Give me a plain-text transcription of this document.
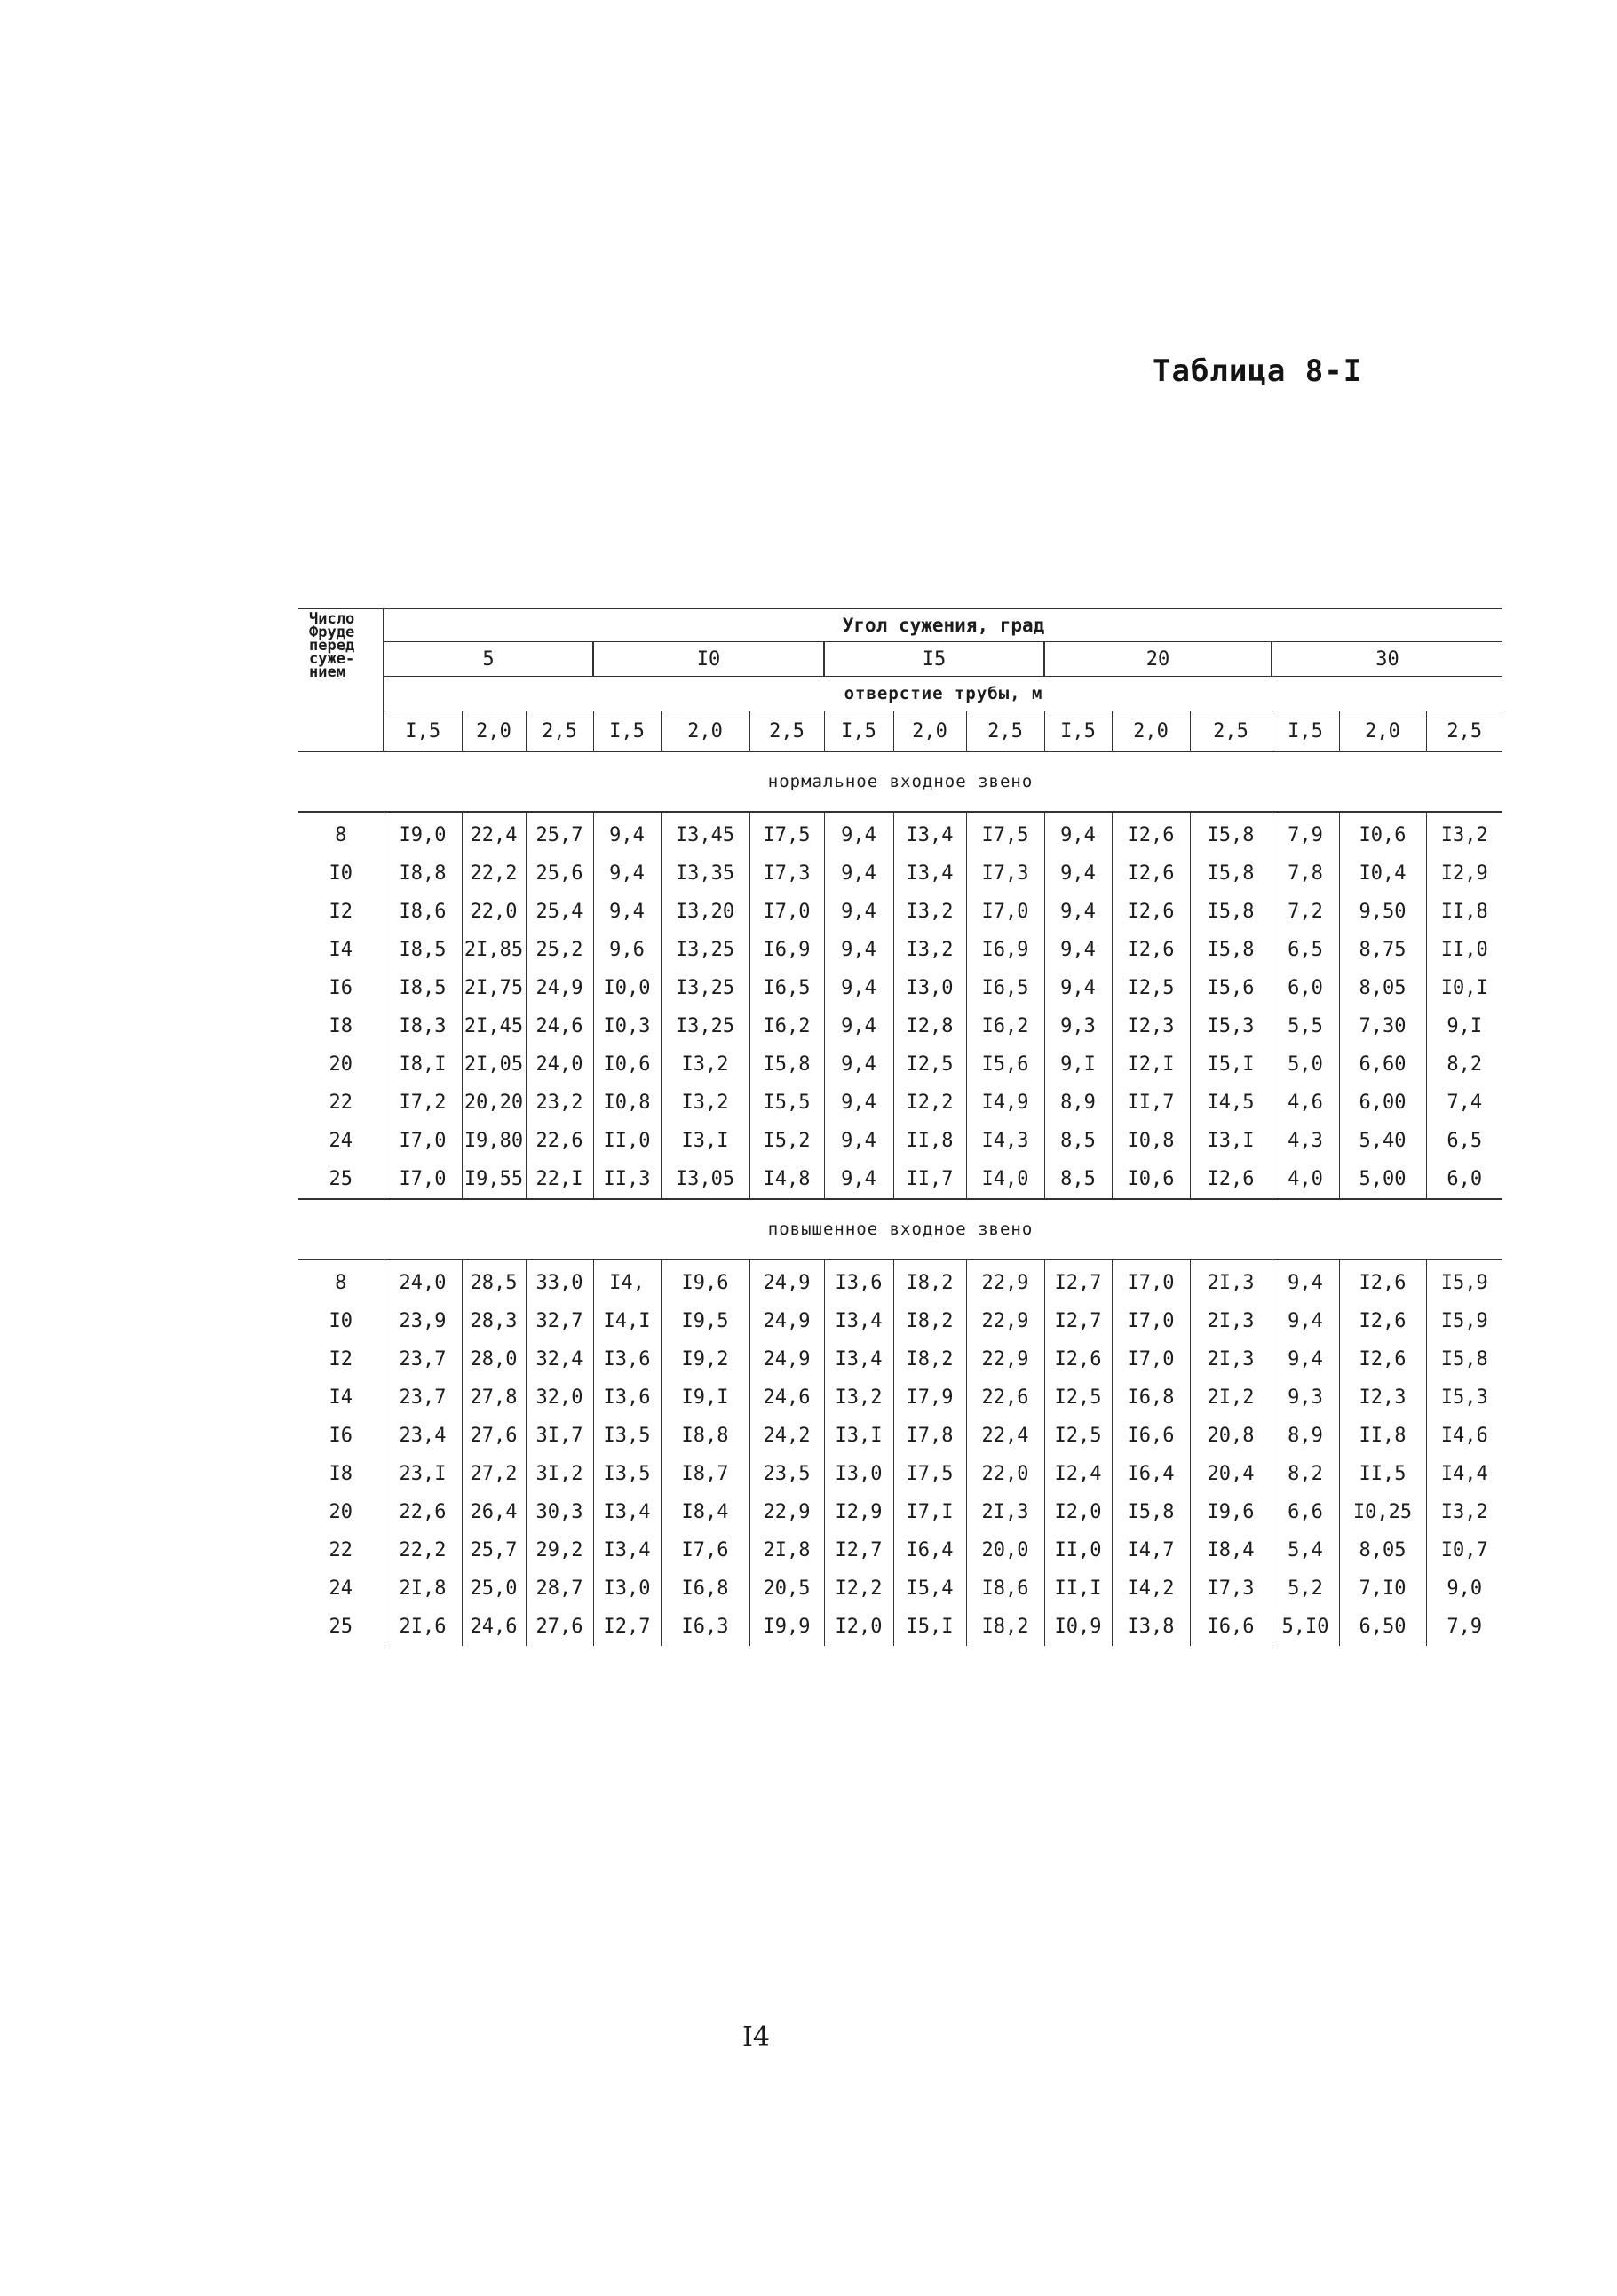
Таблица 8-I
Число
Фруде
перед
суже-
нием	Угол сужения, град														
	5			I0			I5			20			30		
	отверстие трубы, м														
	I,5	2,0	2,5	I,5	2,0	2,5	I,5	2,0	2,5	I,5	2,0	2,5	I,5	2,0	2,5
нормальное входное звено															
8	I9,0	22,4	25,7	9,4	I3,45	I7,5	9,4	I3,4	I7,5	9,4	I2,6	I5,8	7,9	I0,6	I3,2
I0	I8,8	22,2	25,6	9,4	I3,35	I7,3	9,4	I3,4	I7,3	9,4	I2,6	I5,8	7,8	I0,4	I2,9
I2	I8,6	22,0	25,4	9,4	I3,20	I7,0	9,4	I3,2	I7,0	9,4	I2,6	I5,8	7,2	9,50	II,8
I4	I8,5	2I,85	25,2	9,6	I3,25	I6,9	9,4	I3,2	I6,9	9,4	I2,6	I5,8	6,5	8,75	II,0
I6	I8,5	2I,75	24,9	I0,0	I3,25	I6,5	9,4	I3,0	I6,5	9,4	I2,5	I5,6	6,0	8,05	I0,I
I8	I8,3	2I,45	24,6	I0,3	I3,25	I6,2	9,4	I2,8	I6,2	9,3	I2,3	I5,3	5,5	7,30	9,I
20	I8,I	2I,05	24,0	I0,6	I3,2	I5,8	9,4	I2,5	I5,6	9,I	I2,I	I5,I	5,0	6,60	8,2
22	I7,2	20,20	23,2	I0,8	I3,2	I5,5	9,4	I2,2	I4,9	8,9	II,7	I4,5	4,6	6,00	7,4
24	I7,0	I9,80	22,6	II,0	I3,I	I5,2	9,4	II,8	I4,3	8,5	I0,8	I3,I	4,3	5,40	6,5
25	I7,0	I9,55	22,I	II,3	I3,05	I4,8	9,4	II,7	I4,0	8,5	I0,6	I2,6	4,0	5,00	6,0
повышенное входное звено															
8	24,0	28,5	33,0	I4,	I9,6	24,9	I3,6	I8,2	22,9	I2,7	I7,0	2I,3	9,4	I2,6	I5,9
I0	23,9	28,3	32,7	I4,I	I9,5	24,9	I3,4	I8,2	22,9	I2,7	I7,0	2I,3	9,4	I2,6	I5,9
I2	23,7	28,0	32,4	I3,6	I9,2	24,9	I3,4	I8,2	22,9	I2,6	I7,0	2I,3	9,4	I2,6	I5,8
I4	23,7	27,8	32,0	I3,6	I9,I	24,6	I3,2	I7,9	22,6	I2,5	I6,8	2I,2	9,3	I2,3	I5,3
I6	23,4	27,6	3I,7	I3,5	I8,8	24,2	I3,I	I7,8	22,4	I2,5	I6,6	20,8	8,9	II,8	I4,6
I8	23,I	27,2	3I,2	I3,5	I8,7	23,5	I3,0	I7,5	22,0	I2,4	I6,4	20,4	8,2	II,5	I4,4
20	22,6	26,4	30,3	I3,4	I8,4	22,9	I2,9	I7,I	2I,3	I2,0	I5,8	I9,6	6,6	I0,25	I3,2
22	22,2	25,7	29,2	I3,4	I7,6	2I,8	I2,7	I6,4	20,0	II,0	I4,7	I8,4	5,4	8,05	I0,7
24	2I,8	25,0	28,7	I3,0	I6,8	20,5	I2,2	I5,4	I8,6	II,I	I4,2	I7,3	5,2	7,I0	9,0
25	2I,6	24,6	27,6	I2,7	I6,3	I9,9	I2,0	I5,I	I8,2	I0,9	I3,8	I6,6	5,I0	6,50	7,9
I4
